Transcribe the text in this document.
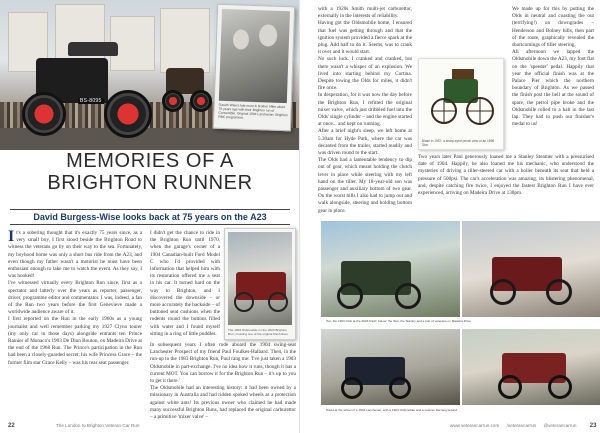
BS-8095
Gareth Wise's late mum & brother Mike about 70 years ago with their Brighton run of Convertible. Original 1904 Lanchester. Brighton RBC programme.
MEMORIES OF A
BRIGHTON RUNNER
David Burgess-Wise looks back at 75 years on the A23

It's a sobering thought that it's exactly 75 years since, as a very small boy, I first stood beside the Brighton Road to witness the veterans go by on their way to the sea. Fortunately, my boyhood home was only a short bus ride from the A23, and even though my father wasn't a motorist he must have been enthusiast enough to take me to watch the event. As they say, I was hooked!

I've witnessed virtually every Brighton Run since, first as a spectator and latterly over the years as reporter, passenger, driver, programme editor and commentator. I was, indeed, a fan of the Run two years before the first Genevieve made a worldwide audience aware of it.

I first reported on the Run in the early 1960s as a young journalist and well remember parking my 1927 Clyno tourer (my only car in those days) alongside entrants ten Prince Rainier of Monaco's 1903 De Dion Bouton, on Madeira Drive at the end of the 1968 Run. The Prince's participation in the Run had been a closely-guarded secret; his wife Princess Grace – the former film star Grace Kelly – was his rear seat passenger.

I didn't get the chance to ride in the Brighton Run until 1970, when the garage's owner of a 1904 Canadian-built Ford Model C who I'd provided with information that helped him with its restoration offered me a seat in his car. It turned hard on the way to Brighton, and I discovered the downside – or more accurately the backside – of buttoned seat cushions when the rodents round the buttons filled with water and I found myself sitting in a ring of little puddles.

The 1903 Oldsmobile on the 2023 Brighton Run, crossing one of the original finish lines.

In subsequent years I often rode aboard the 1904 swing-seat Lanchester Prospect of my friend Paul Foulkes-Halbard. Then, in the run-up to the 1983 Brighton Run, Paul rang me: 'I've just taken a 1903 Oldsmobile in part-exchange. I've no idea how it runs, though it has a current MOT. You can borrow it for the Brighton Run – it's up to you to get it there.'

The Oldsmobile had an interesting history: it had been owned by a missionary in Australia and had ridden spoked wheels as a protection against white ants! Its previous owner who claimed he had made many successful Brighton Runs, had replaced the original carburettor – a primitive 'mixer valve' –

22	The London to Brighton Veteran Car Run

with a 1920s Smith multi-jet carburettor, externally in the interests of reliability.

Having got the Oldsmobile home, I ensured that fuel was getting through and that the ignition system provided a fierce spark at the plug. Add half to do it. Seems, was to crank it over and it would start.

No such luck. I cranked and cranked, but there wasn't a whisper of an explosion. We lived into starting behind my Cortina. Despite towing the Olds for miles, it didn't fire once.

In desperation, for it was now the day before the Brighton Run, I refitted the original mixer valve, which just dribbled fuel into the Olds' single cylinder – and the engine started at once... and kept on running.

After a brief night's sleep, we left home at 5.30am for Hyde Park, where the car was decanted from the trailer, started readily and was driven round to the start.

The Olds had a lamentable tendency to dip out of gear, which meant holding the clutch lever in place while steering with my left hand on the tiller. My 18-year-old son was passenger and auxiliary bottom of two gear. On the worst hills I also had to jump out and walk alongside, steering and holding bottom gear in place.

Blasé in 1957: a sharp-eyed pencil view of an 1898 Star.

We made up for this by putting the Olds in neutral and coasting the out (terrifying!) on downgrades – Henderson and Bolney hills, then part of the route, graphically revealed the shortcomings of tiller steering.

All afternoon we lapped the Oldsmobile down the A23, my foot flat on the 'speeder' pedal. Happily that year the official finish was at the Palace Pier which the northern boundary of Brighton. As we passed the finish post the bell at the sound of spare, the petrol pipe broke and the Oldsmobile rolled to a halt in the last lap. They had to push our finisher's medal to us!

Two years later Paul generously loaned me a Stanley Steamer with a pressurised date of 1904. Happily, he also loaned me his mechanic, who understood the mysteries of driving a tiller-steered car with a boiler beneath its seat that held a pressure of 500psi. The car's acceleration was amazing, its blistering phenomenal, and, despite catching fire twice, I enjoyed the fastest Brighton Run I have ever experienced, arriving on Madeira Drive at 130pm.

Top: the 1903 Olds at the 2023 finish; below: the Star, the Stanley and a pair of veterans on Madeira Drive.
David at the wheel of a 1904 Lanchester, with a 1903 Oldsmobile and a veteran Darracq behind.
www.veterancarrun.com /veterancarrun @veterancarrun 23
